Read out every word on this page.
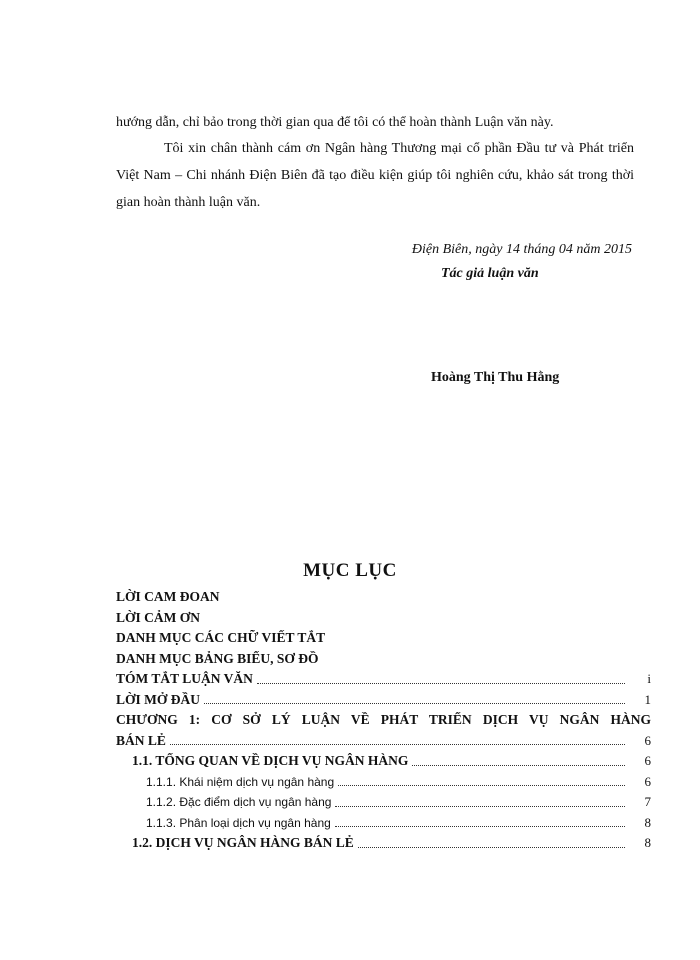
hướng dẫn, chỉ bảo trong thời gian qua để tôi có thể hoàn thành Luận văn này.

Tôi xin chân thành cám ơn Ngân hàng Thương mại cổ phần Đầu tư và Phát triển Việt Nam – Chi nhánh Điện Biên đã tạo điều kiện giúp tôi nghiên cứu, khảo sát trong thời gian hoàn thành luận văn.

Điện Biên, ngày 14 tháng 04 năm 2015

Tác giả luận văn

Hoàng Thị Thu Hằng

MỤC LỤC
LỜI CAM ĐOAN
LỜI CẢM ƠN
DANH MỤC CÁC CHỮ VIẾT TẮT
DANH MỤC BẢNG BIỂU, SƠ ĐỒ
TÓM TẮT LUẬN VĂN	i
LỜI MỞ ĐẦU	1
CHƯƠNG 1: CƠ SỞ LÝ LUẬN VỀ PHÁT TRIỂN DỊCH VỤ NGÂN HÀNG
BÁN LẺ	6
1.1. TỔNG QUAN VỀ DỊCH VỤ NGÂN HÀNG	6
1.1.1. Khái niệm dịch vụ ngân hàng	6
1.1.2. Đặc điểm dịch vụ ngân hàng	7
1.1.3. Phân loại dịch vụ ngân hàng	8
1.2. DỊCH VỤ NGÂN HÀNG BÁN LẺ	8
